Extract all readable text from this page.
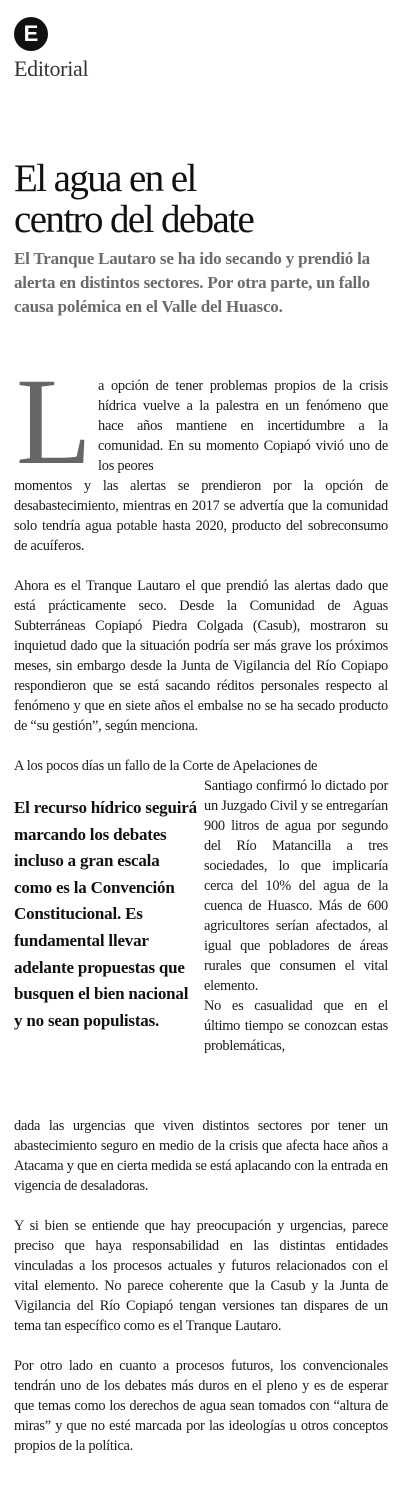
E
Editorial
El agua en el
centro del debate
El Tranque Lautaro se ha ido secando y prendió la alerta en distintos sectores. Por otra parte, un fallo causa polémica en el Valle del Huasco.
L a opción de tener problemas propios de la crisis hídrica vuelve a la palestra en un fenómeno que hace años mantiene en incertidumbre a la comunidad. En su momento Copiapó vivió uno de los peores

momentos y las alertas se prendieron por la opción de desabastecimiento, mientras en 2017 se advertía que la comunidad solo tendría agua potable hasta 2020, producto del sobreconsumo de acuíferos.

Ahora es el Tranque Lautaro el que prendió las alertas dado que está prácticamente seco. Desde la Comunidad de Aguas Subterráneas Copiapó Piedra Colgada (Casub), mostraron su inquietud dado que la situación podría ser más grave los próximos meses, sin embargo desde la Junta de Vigilancia del Río Copiapo respondieron que se está sacando réditos personales respecto al fenómeno y que en siete años el embalse no se ha secado producto de “su gestión”, según menciona.

A los pocos días un fallo de la Corte de Apelaciones de

El recurso hídrico seguirá marcando los debates incluso a gran escala como es la Convención Constitucional. Es fundamental llevar adelante propuestas que busquen el bien nacional y no sean populistas.

Santiago confirmó lo dictado por un Juzgado Civil y se entregarían 900 litros de agua por segundo del Río Matancilla a tres sociedades, lo que implicaría cerca del 10% del agua de la cuenca de Huasco. Más de 600 agricultores serían afectados, al igual que pobladores de áreas rurales que consumen el vital elemento.

No es casualidad que en el último tiempo se conozcan estas problemáticas,

dada las urgencias que viven distintos sectores por tener un abastecimiento seguro en medio de la crisis que afecta hace años a Atacama y que en cierta medida se está aplacando con la entrada en vigencia de desaladoras.

Y si bien se entiende que hay preocupación y urgencias, parece preciso que haya responsabilidad en las distintas entidades vinculadas a los procesos actuales y futuros relacionados con el vital elemento. No parece coherente que la Casub y la Junta de Vigilancia del Río Copiapó tengan versiones tan dispares de un tema tan específico como es el Tranque Lautaro.

Por otro lado en cuanto a procesos futuros, los convencionales tendrán uno de los debates más duros en el pleno y es de esperar que temas como los derechos de agua sean tomados con “altura de miras” y que no esté marcada por las ideologías u otros conceptos propios de la política.
